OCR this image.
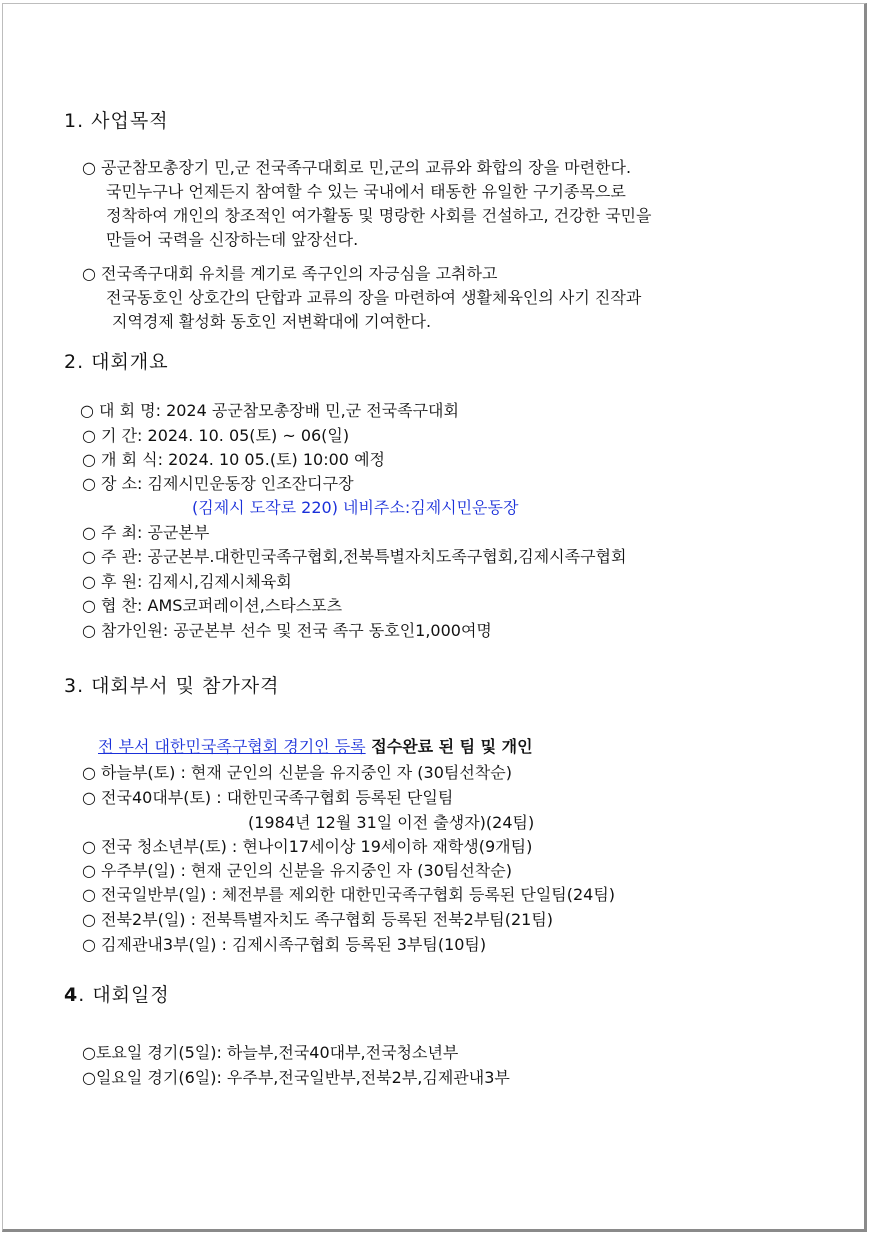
1. 사업목적
○ 공군참모총장기 민,군 전국족구대회로 민,군의 교류와 화합의 장을 마련한다.
국민누구나 언제든지 참여할 수 있는 국내에서 태동한 유일한 구기종목으로
정착하여 개인의 창조적인 여가활동 및 명랑한 사회를 건설하고, 건강한 국민을
만들어 국력을 신장하는데 앞장선다.
○ 전국족구대회 유치를 계기로 족구인의 자긍심을 고취하고
전국동호인 상호간의 단합과 교류의 장을 마련하여 생활체육인의 사기 진작과
지역경제 활성화 동호인 저변확대에 기여한다.
2. 대회개요
○ 대 회 명: 2024 공군참모총장배 민,군 전국족구대회
○ 기 간: 2024. 10. 05(토) ~ 06(일)
○ 개 회 식: 2024. 10 05.(토) 10:00 예정
○ 장 소: 김제시민운동장 인조잔디구장
(김제시 도작로 220) 네비주소:김제시민운동장
○ 주 최: 공군본부
○ 주 관: 공군본부.대한민국족구협회,전북특별자치도족구협회,김제시족구협회
○ 후 원: 김제시,김제시체육회
○ 협 찬: AMS코퍼레이션,스타스포츠
○ 참가인원: 공군본부 선수 및 전국 족구 동호인1,000여명
3. 대회부서 및 참가자격
전 부서 대한민국족구협회 경기인 등록 접수완료 된 팀 및 개인
○ 하늘부(토) : 현재 군인의 신분을 유지중인 자 (30팀선착순)
○ 전국40대부(토) : 대한민국족구협회 등록된 단일팀
(1984년 12월 31일 이전 출생자)(24팀)
○ 전국 청소년부(토) : 현나이17세이상 19세이하 재학생(9개팀)
○ 우주부(일) : 현재 군인의 신분을 유지중인 자 (30팀선착순)
○ 전국일반부(일) : 체전부를 제외한 대한민국족구협회 등록된 단일팀(24팀)
○ 전북2부(일) : 전북특별자치도 족구협회 등록된 전북2부팀(21팀)
○ 김제관내3부(일) : 김제시족구협회 등록된 3부팀(10팀)
4. 대회일정
○토요일 경기(5일): 하늘부,전국40대부,전국청소년부
○일요일 경기(6일): 우주부,전국일반부,전북2부,김제관내3부
